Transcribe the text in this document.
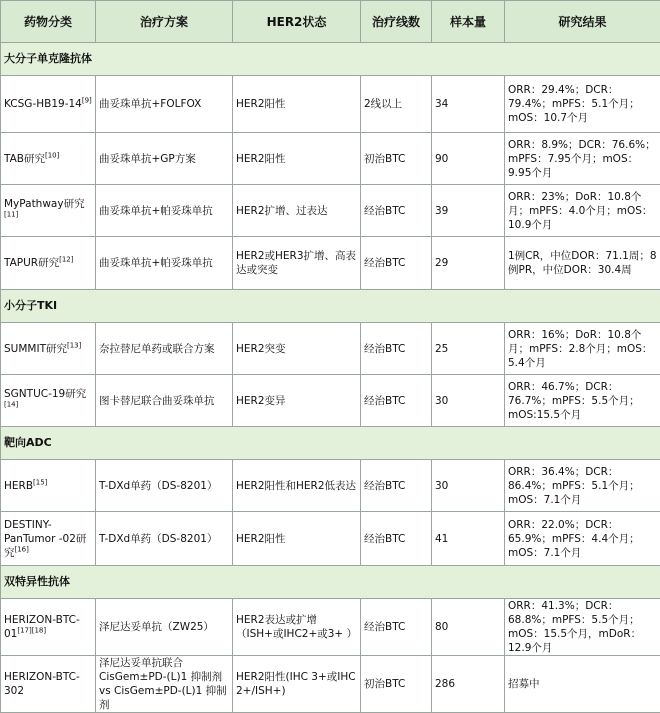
药物分类	治疗方案	HER2状态	治疗线数	样本量	研究结果
大分子单克隆抗体					
KCSG-HB19-14[9]	曲妥珠单抗+FOLFOX	HER2阳性	2线以上	34	ORR：29.4%；DCR：79.4%；mPFS：5.1个月；mOS：10.7个月
TAB研究[10]	曲妥珠单抗+GP方案	HER2阳性	初治BTC	90	ORR：8.9%；DCR：76.6%；mPFS：7.95个月；mOS：9.95个月
MyPathway研究[11]	曲妥珠单抗+帕妥珠单抗	HER2扩增、过表达	经治BTC	39	ORR：23%；DoR：10.8个月；mPFS：4.0个月；mOS：10.9个月
TAPUR研究[12]	曲妥珠单抗+帕妥珠单抗	HER2或HER3扩增、高表达或突变	经治BTC	29	1例CR，中位DOR：71.1周；8例PR，中位DOR：30.4周
小分子TKI					
SUMMIT研究[13]	奈拉替尼单药或联合方案	HER2突变	经治BTC	25	ORR：16%；DoR：10.8个月；mPFS：2.8个月；mOS：5.4个月
SGNTUC-19研究[14]	图卡替尼联合曲妥珠单抗	HER2变异	经治BTC	30	ORR：46.7%；DCR：76.7%；mPFS：5.5个月；mOS:15.5个月
靶向ADC					
HERB[15]	T-DXd单药（DS-8201）	HER2阳性和HER2低表达	经治BTC	30	ORR：36.4%；DCR：86.4%；mPFS：5.1个月；mOS：7.1个月
DESTINY-PanTumor -02研究[16]	T-DXd单药（DS-8201）	HER2阳性	经治BTC	41	ORR：22.0%；DCR：65.9%；mPFS：4.4个月；mOS：7.1个月
双特异性抗体					
HERIZON-BTC-01[17][18]	泽尼达妥单抗（ZW25）	HER2表达或扩增（ISH+或IHC2+或3+ ）	经治BTC	80	ORR：41.3%；DCR：68.8%；mPFS：5.5个月；mOS：15.5个月，mDoR：12.9个月
HERIZON-BTC-302	泽尼达妥单抗联合CisGem±PD-(L)1 抑制剂 vs CisGem±PD-(L)1 抑制剂	HER2阳性(IHC 3+或IHC 2+/ISH+)	初治BTC	286	招募中
